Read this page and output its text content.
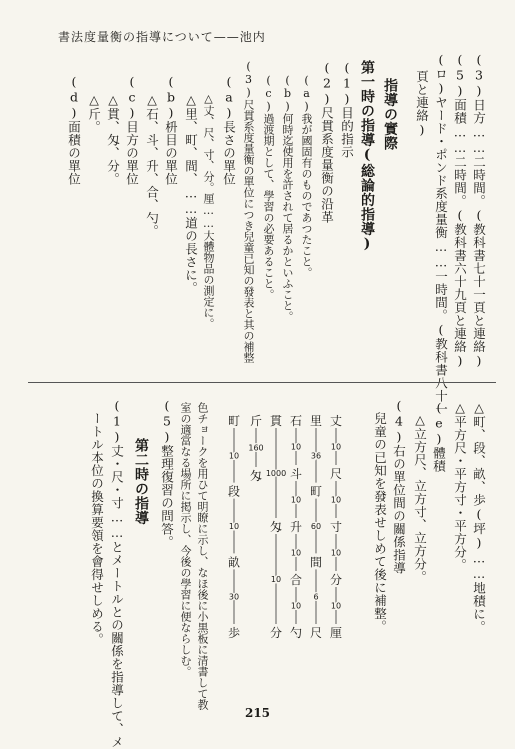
書法度量衡の指導について——池内
(3)日方……二時間。(教科書七十一頁と連絡)
(5)面積……二時間。(教科書六十九頁と連絡)
(ロ)ヤード・ポンド系度量衡……一時間。(教科書八十一
頁と連絡)
指導の實際
第一時の指導(総論的指導)
(1)目的指示
(2)尺貫系度量衡の沿革
(a)我が國固有のものであつたこと。
(b)何時迄使用を許されて居るかといふこと。
(c)過渡期として、學習の必要あること。
(3)尺貫系度量衡の單位につき兒童已知の發表と其の補整
(a)長さの單位
△丈、尺、寸、分。厘……大體物品の測定に。
△里、町、間、……道の長さに。
(b)枡目の單位
△石、斗、升、合、勺。
(c)目方の單位
△貫、匁、分。
△斤。
(d)面積の單位
△町、段、畝、歩(坪)……地積に。
△平方尺・平方寸・平方分。
(e)體積
△立方尺、立方寸、立方分。
(4)右の單位間の關係指導
兒童の已知を發表せしめて後に補整。
10
10
10
10
丈
尺
寸
分
厘
36
60
6
里
町
間
尺
10
10
10
10
石
斗
升
合
勺
1000
10
貫
匁
分
160
斤
匁
10
10
30
町
段
畝
歩
色チョークを用ひて明瞭に示し、なほ後に小黒板に清書して教
室の適當なる場所に掲示し、今後の學習に便ならしむ。
(5)整理復習の問答。
第二時の指導
(1)丈・尺・寸……とメートルとの關係を指導して、メ
ートル本位の換算要領を會得せしめる。
215
